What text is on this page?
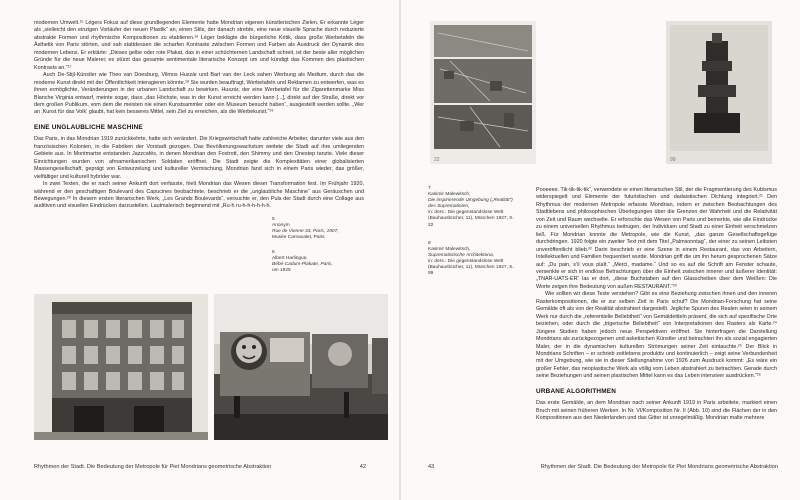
modernen Umwelt.¹⁵ Légers Fokus auf diese grundlegenden Elemente hatte Mondrian eigenen künstlerischen Zielen. Er erkannte Léger als „vielleicht den einzigen Vorläufer der neuen Plastik“ an, einen Stils, der danach strebte, eine neue visuelle Sprache durch reduzierte abstrakte Formen und rhythmische Kompositionen zu etablieren.¹⁶ Léger beklägte die bürgerliche Kritik, dass große Werbetafeln die Ästhetik von Paris störten, und sah stattdessen die scharfen Kontraste zwischen Formen und Farben als Ausdruck der Dynamik des modernen Lebens. Er erklärte: „Dieses gelbe oder rote Plakat, das in einer schüchternen Landschaft schreit, ist der beste aller möglichen Gründe für die neue Malerei; es stürzt das gesamte sentimentale literarische Konzept um und kündigt das Kommen des plastischen Kontrasts an.“¹⁷

Auch De-Stijl-Künstler wie Theo van Doesburg, Vilmos Huszár und Bart van der Leck sahen Werbung als Medium, durch das die moderne Kunst direkt mit der Öffentlichkeit interagieren könnte.¹⁸ Sie wurden beauftragt, Werbetafeln und Reklamen zu entwerfen, was es ihnen ermöglichte, Veränderungen in der urbanen Landschaft zu bewirken. Huszár, der eine Werbetafel für die Zigarettenmarke Miss Blanche Virginia entwarf, meinte sogar, dass „das Höchste, was in der Kunst erreicht werden kann [...], direkt auf der Straße, direkt vor dem großen Publikum, vom dem die meisten nie einen Kunstsammler oder ein Museum besucht haben“, ausgestellt werden sollte. „Wer an ‚Kunst für das Volk‘ glaubt, hat kein besseres Mittel, sein Ziel zu erreichen, als die Werbekunst.“¹⁹

EINE UNGLAUBLICHE MASCHINE

Das Paris, in das Mondrian 1919 zurückkehrte, hatte sich verändert. Die Kriegswirtschaft hatte zahlreiche Arbeiter, darunter viele aus den französischen Kolonien, in die Fabriken der Vorstadt gezogen. Das Bevölkerungswachstum weitete die Stadt auf ihre umliegenden Gebiete aus. In Montmartre entstanden Jazzcafés, in denen Mondrian den Foxtrott, den Shimmy und den Onestep tanzte. Viele dieser Einrichtungen wurden von afroamerikanischen Soldaten eröffnet. Die Stadt zeigte die Komplexitäten einer globalisierten Massengesellschaft, geprägt von Entwurzelung und kultureller Vermischung. Mondrian fand sich in einem Paris wieder, das größer, vielfältiger und kulturell hybrider war.

In zwei Texten, die er nach seiner Ankunft dort verfasste, hielt Mondrian das Wesen dieser Transformation fest. Im Frühjahr 1920, während er den geschaftigen Boulevard des Capucines beobachtete, beschrieb er die „unglaubliche Maschine“ aus Geräuschen und Bewegungen.²⁰ In diesem ersten literarischen Werk, „Les Grands Boulevards“, versuchte er, den Puls der Stadt durch eine Collage aus auditiven und visuellen Eindrücken darzustellen. Lautmalerisch beginnend mit „Ru-h ru-h-h-h-h-h-h.

5
Anonym
Rue de Vienne 33, Paris, 1907,
Musée Carnavalet, Paris
6
Albert Harlingue,
Bébé-Cadum-Plakate, Paris,
um 1925
Rhythmen der Stadt. Die Bedeutung der Metropole für Piet Mondrians geometrische Abstraktion	42
22	99
7
Kasimir Malewitsch,
Die inspirierende Umgebung („Realität“) des Suprematisten,
in: ders.: Die gegenstandslose Welt (Bauhausbücher, 11), München 1927, S. 22
8
Kasimir Malewitsch,
Suprematistische Architektona,
in: ders.: Die gegenstandslose Welt (Bauhausbücher, 11), München 1927, S. 99

Pooeeee. Tik-tik-tik-tik“, verwendete er einen literarischen Stil, der die Fragmentierung des Kubismus widerspiegelt und Elemente der futuristischen und dadaistischen Dichtung integriert.²¹ Den Rhythmus der modernen Metropole erfasste Mondrian, indem er zwischen Beobachtungen des Stadtlebens und philosophischen Überlegungen über die Grenzen der Wahrheit und die Relativität von Zeit und Raum wechselte. Er erforschte das Wesen von Paris und bemerkte, wie alle Eindrücke zu einem universellen Rhythmus beitrugen, der Individuen und Stadt zu einer Einheit verschmelzen ließ. Für Mondrian konnte die Metropole, wie die Kunst, „das ganze Gesellschaftsgefüge durchdringen. 1920 folgte ein zweiter Text mit dem Titel „Palmsonntag“, der einer zu seinen Leibsten unveröffentlicht blieb.²² Darin beschrieb er eine Szene in einem Restaurant, das von Arbeitern, Intellektuellen und Familien frequentiert wurde. Mondrian griff die um ihn herum gesprochenen Sätze auf: „Du pain, s’il vous plaît.“ „Merci, madame.“ Und so es auf die Schrift am Fenster schaute, versenkte er sich in endlose Betrachtungen über die Einheit zwischen innerer und äußerer Identität: „TNAR-UATS-ER“ las er dort, „diese Buchstaben auf den Glasscheiben über dem Weißen: Die Worte zeigen ihre Bedeutung von außen RESTAURANT.“²³

Wie sollten wir diese Texte verstehen? Gibt es eine Beziehung zwischen ihnen und den inneren Rasterkompositionen, die er zur selben Zeit in Paris schuf? Die Mondrian-Forschung hat seine Gemälde oft als von der Realität abstrahiert dargestellt. Jegliche Spuren des Realen seien in seinem Werk nur durch die „referentielle Beliebtheit“ von Gemäldetiteln präsent, die sich auf spezifische Orte beziehen, oder durch die „trigerische Beliebtheit“ von Interpretationen des Rasters als Karte.²⁴ Jüngere Studien haben jedoch neue Perspektiven eröffnet. Sie hinterfragen die Darstellung Mondrians als zurückgezogenen und asketischen Künstler und betrachten ihn als sozial engagierten Maler, der in die dynamischen kulturellen Strömungen seiner Zeit eintauchte.²⁵ Der Blick in Mondrians Schriften – er schrieb zeitlebens produktiv und kontinuierlich – zeigt seine Verbundenheit mit der Umgebung, wie sie in dieser Stellungnahme von 1926 zum Ausdruck kommt: „Es wäre ein großer Fehler, das neoplastische Werk als völlig vom Leben abstrahiert zu betrachten. Gerade durch seine Beziehungen und seinen plastischen Mittel kann es das Leben intensiver ausdrücken.“²⁶

URBANE ALGORITHMEN

Das erste Gemälde, an dem Mondrian nach seiner Ankunft 1919 in Paris arbeitete, markiert einen Bruch mit seinen früheren Werken. In Nr. VI/Komposition Nr. II (Abb. 10) sind die Flächen der in den Kompositionen aus den Niederlanden und das Gitter ist unregelmäßig. Mondrian malte mehrere

43	Rhythmen der Stadt. Die Bedeutung der Metropole für Piet Mondrians geometrische Abstraktion
